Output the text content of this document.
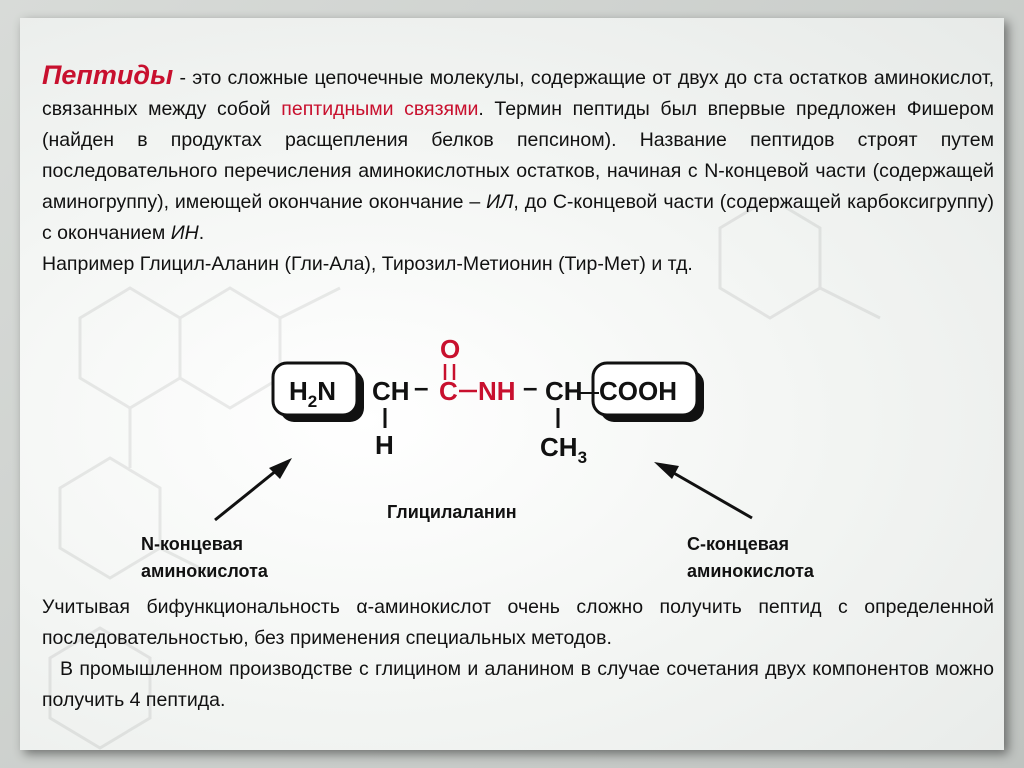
Пептиды - это сложные цепочечные молекулы, содержащие от двух до ста остатков аминокислот, связанных между собой пептидными связями. Термин пептиды был впервые предложен Фишером (найден в продуктах расщепления белков пепсином). Название пептидов строят путем последовательного перечисления аминокислотных остатков, начиная с N-концевой части (содержащей аминогруппу), имеющей окончание окончание – ИЛ, до С-концевой части (содержащей карбоксигруппу) с окончанием ИН.
Например Глицил-Аланин (Гли-Ала), Тирозил-Метионин (Тир-Мет) и тд.
$H_2N$ CH
H
–
O
C NH – CH COOH
$CH_3$
Глицилаланин
N-концевая
аминокислота
С-концевая
аминокислота
Учитывая бифункциональность α-аминокислот очень сложно получить пептид с определенной последовательностью, без применения специальных методов.
В промышленном производстве с глицином и аланином в случае сочетания двух компонентов можно получить 4 пептида.
